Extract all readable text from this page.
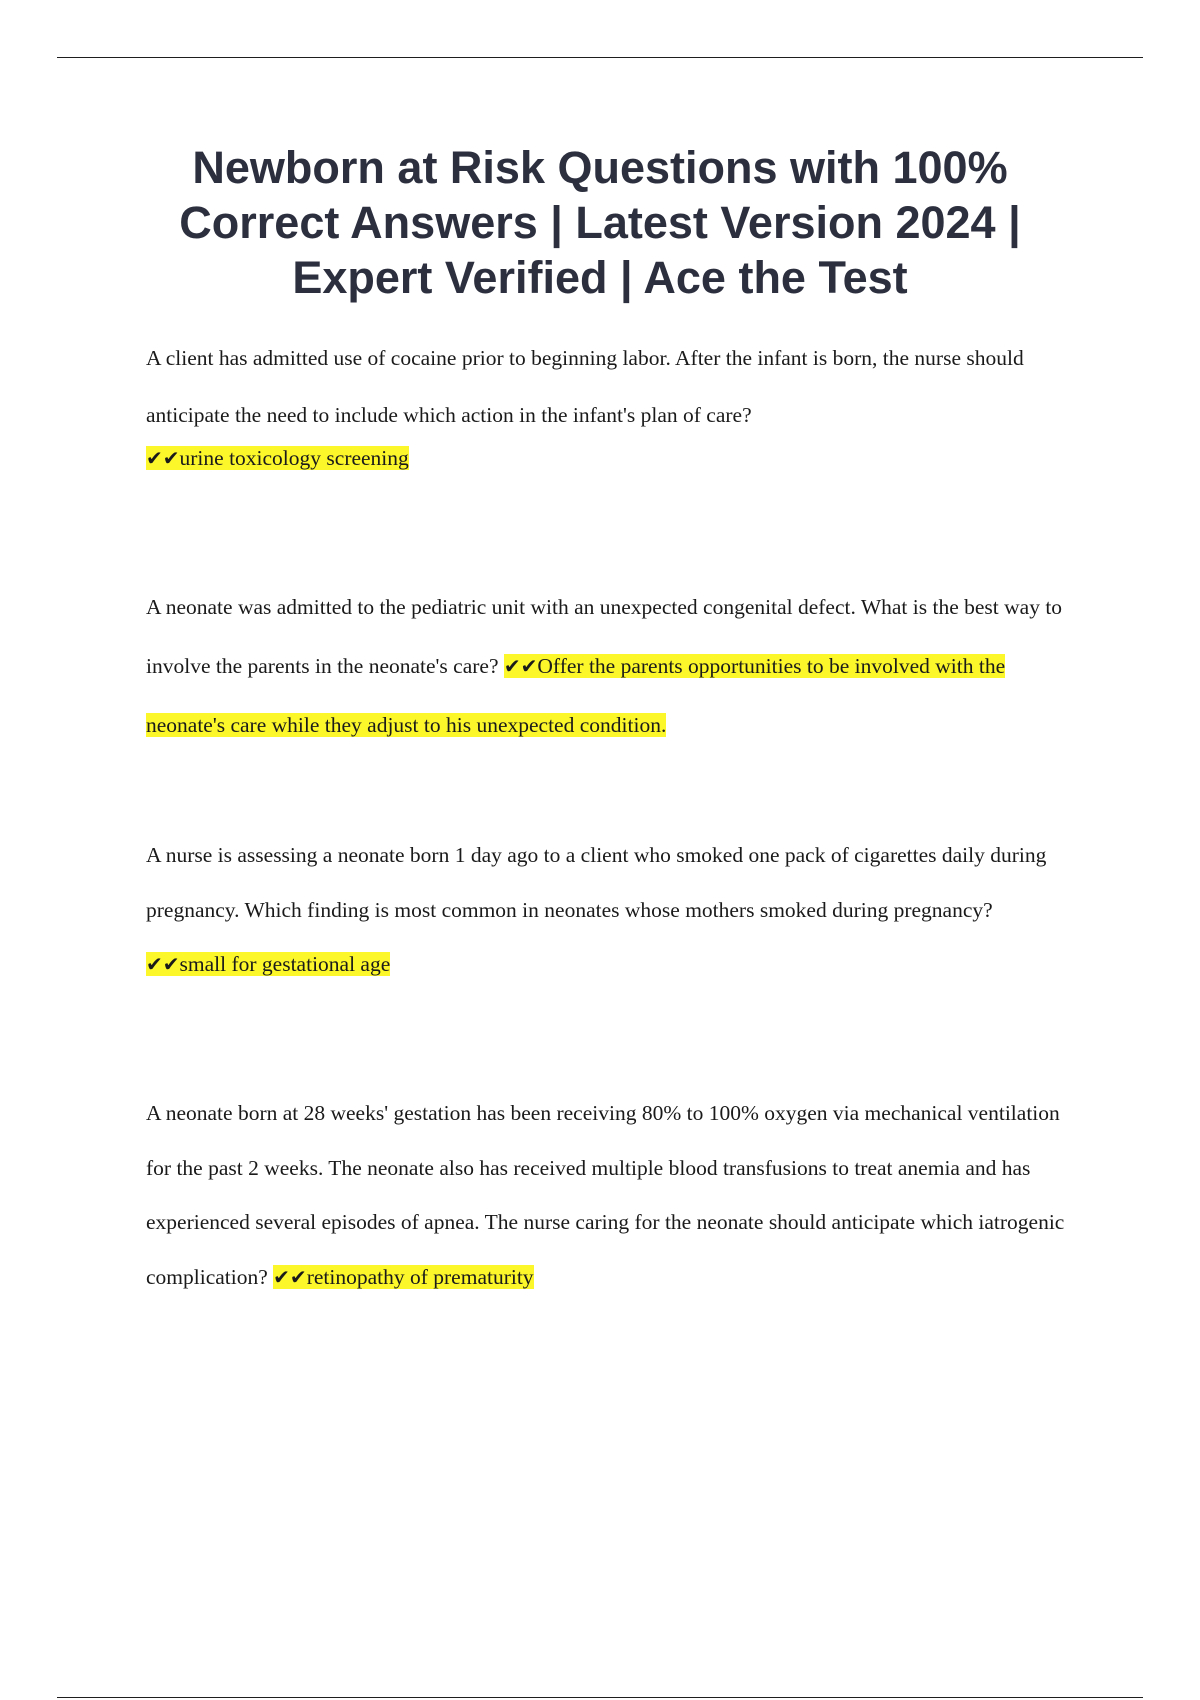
Newborn at Risk Questions with 100% Correct Answers | Latest Version 2024 | Expert Verified | Ace the Test

A client has admitted use of cocaine prior to beginning labor. After the infant is born, the nurse should anticipate the need to include which action in the infant's plan of care?
✔✔urine toxicology screening

A neonate was admitted to the pediatric unit with an unexpected congenital defect. What is the best way to involve the parents in the neonate's care? ✔✔Offer the parents opportunities to be involved with the neonate's care while they adjust to his unexpected condition.

A nurse is assessing a neonate born 1 day ago to a client who smoked one pack of cigarettes daily during pregnancy. Which finding is most common in neonates whose mothers smoked during pregnancy? ✔✔small for gestational age

A neonate born at 28 weeks' gestation has been receiving 80% to 100% oxygen via mechanical ventilation for the past 2 weeks. The neonate also has received multiple blood transfusions to treat anemia and has experienced several episodes of apnea. The nurse caring for the neonate should anticipate which iatrogenic complication? ✔✔retinopathy of prematurity
